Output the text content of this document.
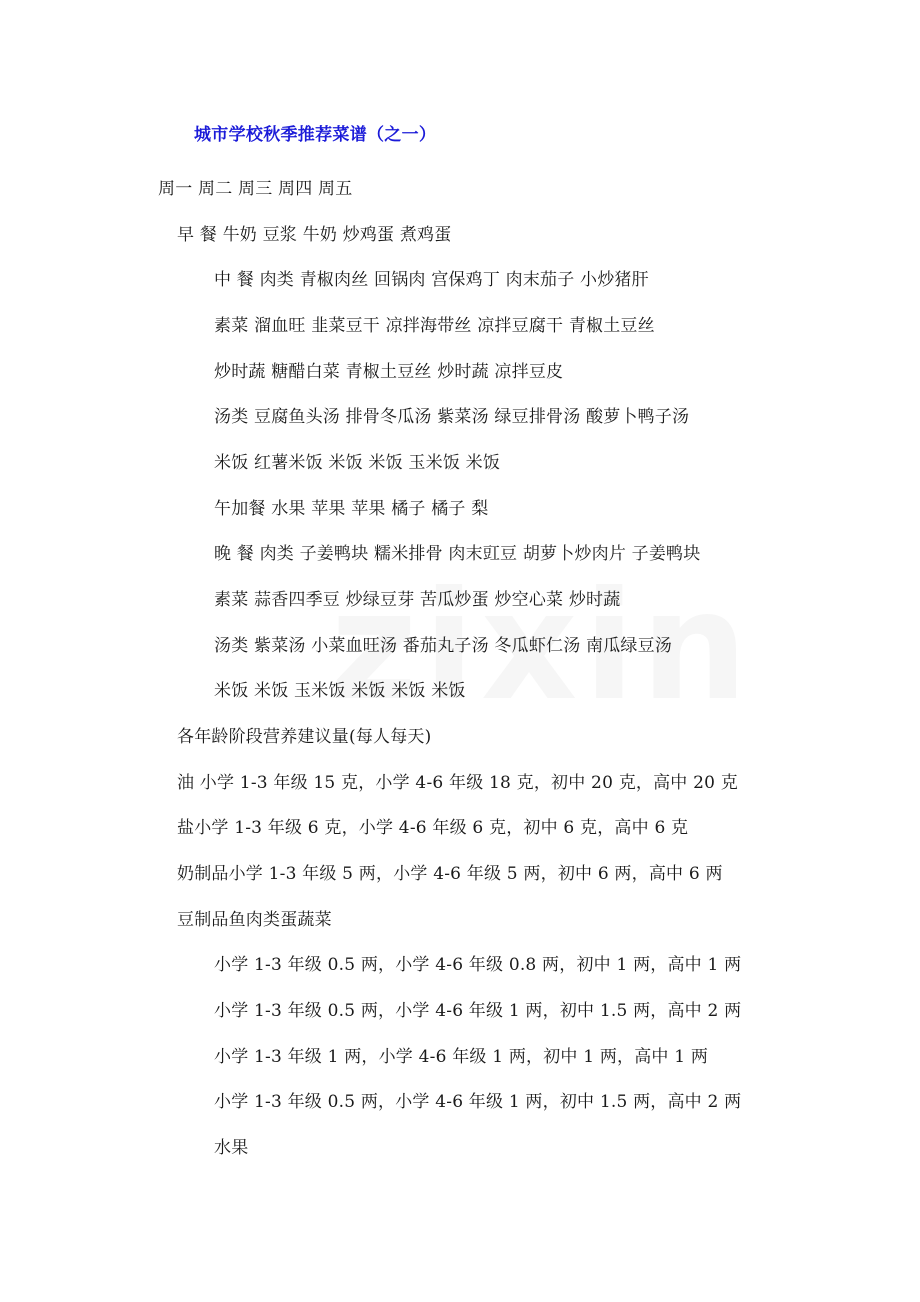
城市学校秋季推荐菜谱（之一）
周一 周二 周三 周四 周五
早 餐 牛奶 豆浆 牛奶 炒鸡蛋 煮鸡蛋
中 餐 肉类 青椒肉丝 回锅肉 宫保鸡丁 肉末茄子 小炒猪肝
素菜 溜血旺 韭菜豆干 凉拌海带丝 凉拌豆腐干 青椒土豆丝
炒时蔬 糖醋白菜 青椒土豆丝 炒时蔬 凉拌豆皮
汤类 豆腐鱼头汤 排骨冬瓜汤 紫菜汤 绿豆排骨汤 酸萝卜鸭子汤
米饭 红薯米饭 米饭 米饭 玉米饭 米饭
午加餐 水果 苹果 苹果 橘子 橘子 梨
晚 餐 肉类 子姜鸭块 糯米排骨 肉末豇豆 胡萝卜炒肉片 子姜鸭块
素菜 蒜香四季豆 炒绿豆芽 苦瓜炒蛋 炒空心菜 炒时蔬
汤类 紫菜汤 小菜血旺汤 番茄丸子汤 冬瓜虾仁汤 南瓜绿豆汤
米饭 米饭 玉米饭 米饭 米饭 米饭
各年龄阶段营养建议量(每人每天)
油 小学 1-3 年级 15 克，小学 4-6 年级 18 克，初中 20 克，高中 20 克
盐小学 1-3 年级 6 克，小学 4-6 年级 6 克，初中 6 克，高中 6 克
奶制品小学 1-3 年级 5 两，小学 4-6 年级 5 两，初中 6 两，高中 6 两
豆制品鱼肉类蛋蔬菜
小学 1-3 年级 0.5 两，小学 4-6 年级 0.8 两，初中 1 两，高中 1 两
小学 1-3 年级 0.5 两，小学 4-6 年级 1 两，初中 1.5 两，高中 2 两
小学 1-3 年级 1 两，小学 4-6 年级 1 两，初中 1 两，高中 1 两
小学 1-3 年级 0.5 两，小学 4-6 年级 1 两，初中 1.5 两，高中 2 两
水果
